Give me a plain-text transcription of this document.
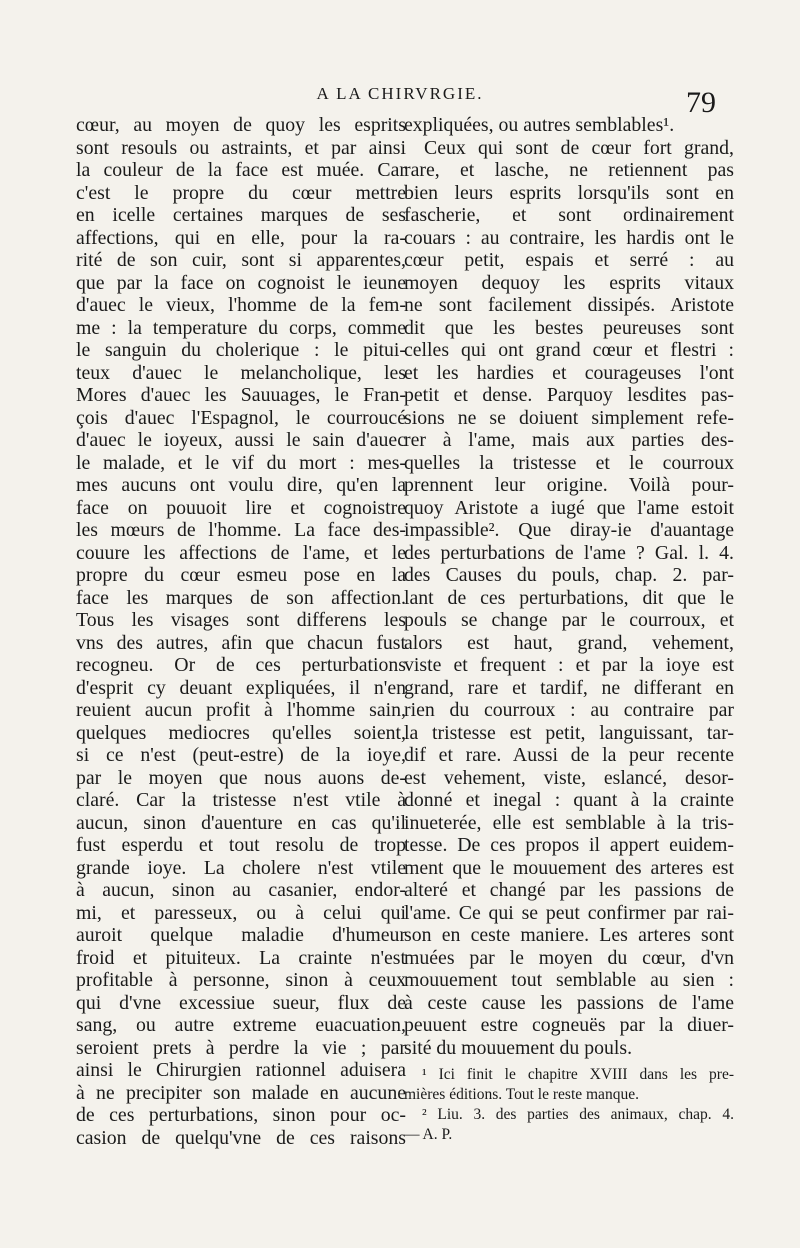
A LA CHIRVRGIE.	79
cœur, au moyen de quoy les esprits
sont resouls ou astraints, et par ainsi
la couleur de la face est muée. Car
c'est le propre du cœur mettre
en icelle certaines marques de ses
affections, qui en elle, pour la ra-
rité de son cuir, sont si apparentes,
que par la face on cognoist le ieune
d'auec le vieux, l'homme de la fem-
me : la temperature du corps, comme
le sanguin du cholerique : le pitui-
teux d'auec le melancholique, les
Mores d'auec les Sauuages, le Fran-
çois d'auec l'Espagnol, le courroucé
d'auec le ioyeux, aussi le sain d'auec
le malade, et le vif du mort : mes-
mes aucuns ont voulu dire, qu'en la
face on pouuoit lire et cognoistre
les mœurs de l'homme. La face des-
couure les affections de l'ame, et le
propre du cœur esmeu pose en la
face les marques de son affection.
Tous les visages sont differens les
vns des autres, afin que chacun fust
recogneu. Or de ces perturbations
d'esprit cy deuant expliquées, il n'en
reuient aucun profit à l'homme sain,
quelques mediocres qu'elles soient,
si ce n'est (peut-estre) de la ioye,
par le moyen que nous auons de-
claré. Car la tristesse n'est vtile à
aucun, sinon d'auenture en cas qu'il
fust esperdu et tout resolu de trop
grande ioye. La cholere n'est vtile
à aucun, sinon au casanier, endor-
mi, et paresseux, ou à celui qui
auroit quelque maladie d'humeur
froid et pituiteux. La crainte n'est
profitable à personne, sinon à ceux
qui d'vne excessiue sueur, flux de
sang, ou autre extreme euacuation,
seroient prets à perdre la vie ; par
ainsi le Chirurgien rationnel aduisera
à ne precipiter son malade en aucune
de ces perturbations, sinon pour oc-
casion de quelqu'vne de ces raisons
expliquées, ou autres semblables¹.
Ceux qui sont de cœur fort grand,
rare, et lasche, ne retiennent pas
bien leurs esprits lorsqu'ils sont en
fascherie, et sont ordinairement
couars : au contraire, les hardis ont le
cœur petit, espais et serré : au
moyen dequoy les esprits vitaux
ne sont facilement dissipés. Aristote
dit que les bestes peureuses sont
celles qui ont grand cœur et flestri :
et les hardies et courageuses l'ont
petit et dense. Parquoy lesdites pas-
sions ne se doiuent simplement refe-
rer à l'ame, mais aux parties des-
quelles la tristesse et le courroux
prennent leur origine. Voilà pour-
quoy Aristote a iugé que l'ame estoit
impassible². Que diray-ie d'auantage
des perturbations de l'ame ? Gal. l. 4.
des Causes du pouls, chap. 2. par-
lant de ces perturbations, dit que le
pouls se change par le courroux, et
alors est haut, grand, vehement,
viste et frequent : et par la ioye est
grand, rare et tardif, ne differant en
rien du courroux : au contraire par
la tristesse est petit, languissant, tar-
dif et rare. Aussi de la peur recente
est vehement, viste, eslancé, desor-
donné et inegal : quant à la crainte
inueterée, elle est semblable à la tris-
tesse. De ces propos il appert euidem-
ment que le mouuement des arteres est
alteré et changé par les passions de
l'ame. Ce qui se peut confirmer par rai-
son en ceste maniere. Les arteres sont
muées par le moyen du cœur, d'vn
mouuement tout semblable au sien :
à ceste cause les passions de l'ame
peuuent estre cogneuës par la diuer-
sité du mouuement du pouls.
¹ Ici finit le chapitre XVIII dans les pre-
mières éditions. Tout le reste manque.
² Liu. 3. des parties des animaux, chap. 4.
— A. P.
